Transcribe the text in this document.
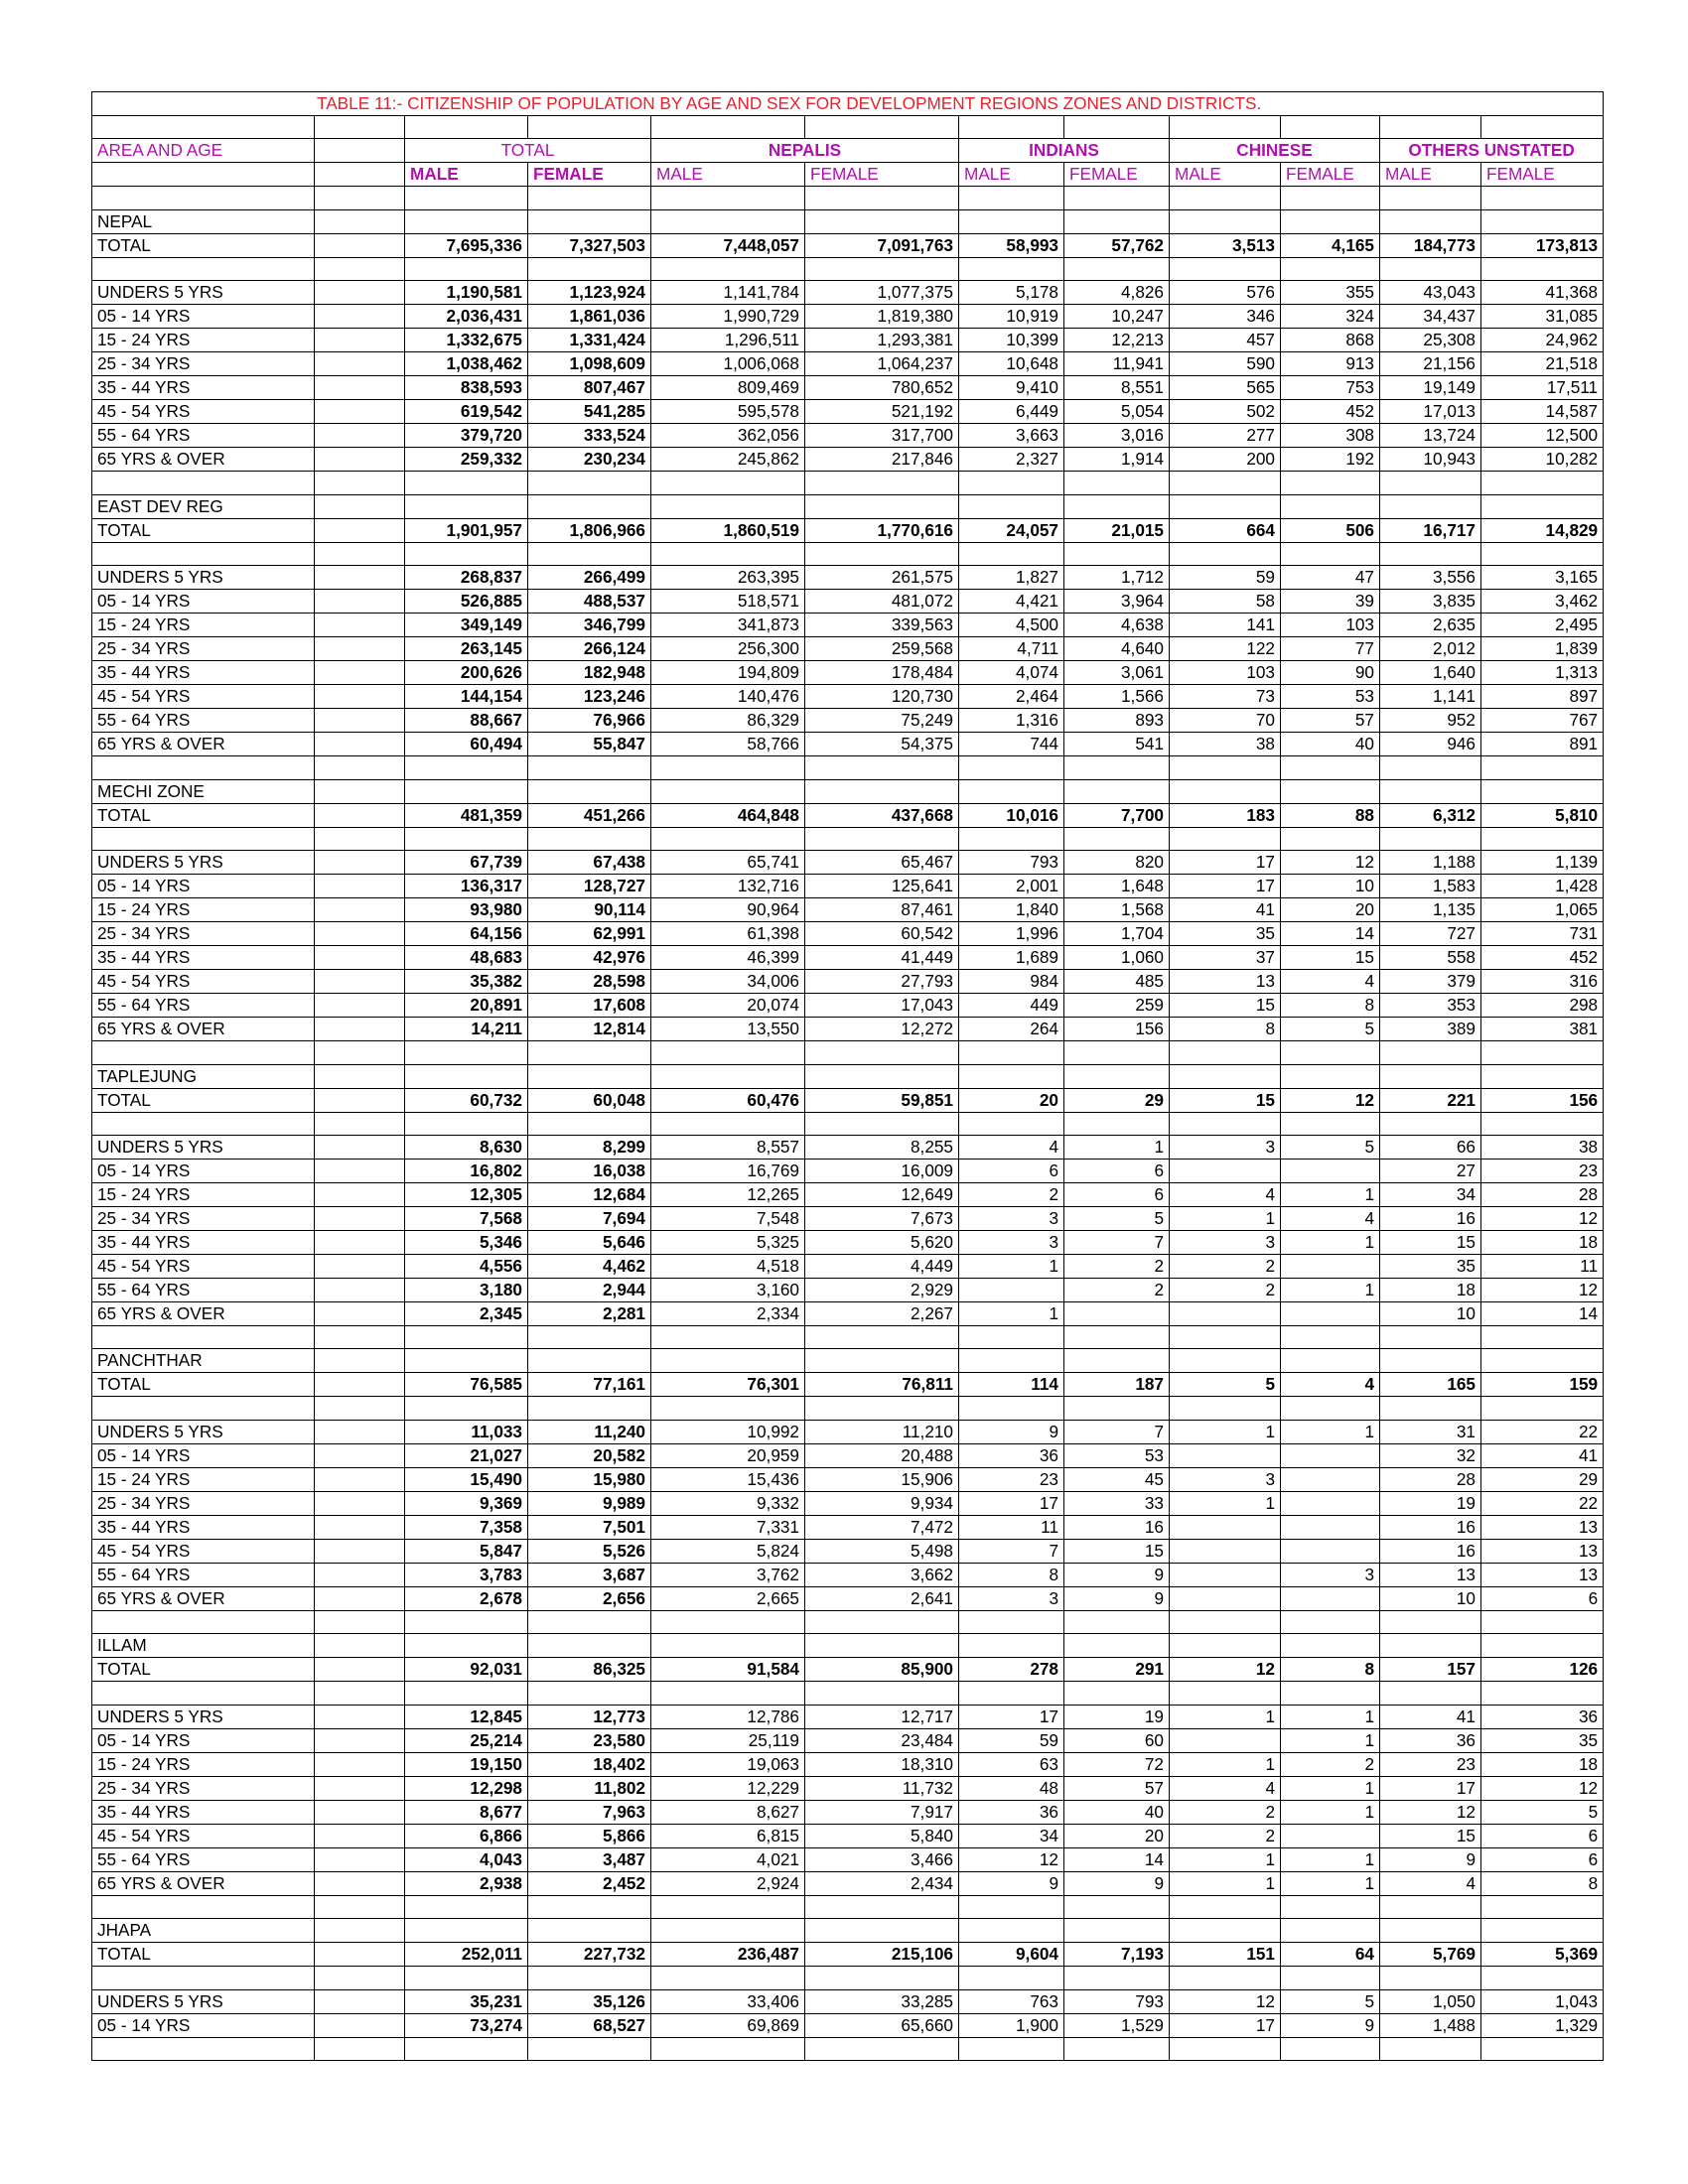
TABLE 11:- CITIZENSHIP OF POPULATION BY AGE AND SEX FOR DEVELOPMENT REGIONS ZONES AND DISTRICTS.											

AREA AND AGE		TOTAL		NEPALIS		INDIANS		CHINESE		OTHERS UNSTATED	
		MALE	FEMALE	MALE	FEMALE	MALE	FEMALE	MALE	FEMALE	MALE	FEMALE

NEPAL											
TOTAL		7,695,336	7,327,503	7,448,057	7,091,763	58,993	57,762	3,513	4,165	184,773	173,813

UNDERS 5 YRS		1,190,581	1,123,924	1,141,784	1,077,375	5,178	4,826	576	355	43,043	41,368
05 - 14 YRS		2,036,431	1,861,036	1,990,729	1,819,380	10,919	10,247	346	324	34,437	31,085
15 - 24 YRS		1,332,675	1,331,424	1,296,511	1,293,381	10,399	12,213	457	868	25,308	24,962
25 - 34 YRS		1,038,462	1,098,609	1,006,068	1,064,237	10,648	11,941	590	913	21,156	21,518
35 - 44 YRS		838,593	807,467	809,469	780,652	9,410	8,551	565	753	19,149	17,511
45 - 54 YRS		619,542	541,285	595,578	521,192	6,449	5,054	502	452	17,013	14,587
55 - 64 YRS		379,720	333,524	362,056	317,700	3,663	3,016	277	308	13,724	12,500
65 YRS & OVER		259,332	230,234	245,862	217,846	2,327	1,914	200	192	10,943	10,282

EAST DEV REG											
TOTAL		1,901,957	1,806,966	1,860,519	1,770,616	24,057	21,015	664	506	16,717	14,829

UNDERS 5 YRS		268,837	266,499	263,395	261,575	1,827	1,712	59	47	3,556	3,165
05 - 14 YRS		526,885	488,537	518,571	481,072	4,421	3,964	58	39	3,835	3,462
15 - 24 YRS		349,149	346,799	341,873	339,563	4,500	4,638	141	103	2,635	2,495
25 - 34 YRS		263,145	266,124	256,300	259,568	4,711	4,640	122	77	2,012	1,839
35 - 44 YRS		200,626	182,948	194,809	178,484	4,074	3,061	103	90	1,640	1,313
45 - 54 YRS		144,154	123,246	140,476	120,730	2,464	1,566	73	53	1,141	897
55 - 64 YRS		88,667	76,966	86,329	75,249	1,316	893	70	57	952	767
65 YRS & OVER		60,494	55,847	58,766	54,375	744	541	38	40	946	891

MECHI ZONE											
TOTAL		481,359	451,266	464,848	437,668	10,016	7,700	183	88	6,312	5,810

UNDERS 5 YRS		67,739	67,438	65,741	65,467	793	820	17	12	1,188	1,139
05 - 14 YRS		136,317	128,727	132,716	125,641	2,001	1,648	17	10	1,583	1,428
15 - 24 YRS		93,980	90,114	90,964	87,461	1,840	1,568	41	20	1,135	1,065
25 - 34 YRS		64,156	62,991	61,398	60,542	1,996	1,704	35	14	727	731
35 - 44 YRS		48,683	42,976	46,399	41,449	1,689	1,060	37	15	558	452
45 - 54 YRS		35,382	28,598	34,006	27,793	984	485	13	4	379	316
55 - 64 YRS		20,891	17,608	20,074	17,043	449	259	15	8	353	298
65 YRS & OVER		14,211	12,814	13,550	12,272	264	156	8	5	389	381

TAPLEJUNG											
TOTAL		60,732	60,048	60,476	59,851	20	29	15	12	221	156

UNDERS 5 YRS		8,630	8,299	8,557	8,255	4	1	3	5	66	38
05 - 14 YRS		16,802	16,038	16,769	16,009	6	6			27	23
15 - 24 YRS		12,305	12,684	12,265	12,649	2	6	4	1	34	28
25 - 34 YRS		7,568	7,694	7,548	7,673	3	5	1	4	16	12
35 - 44 YRS		5,346	5,646	5,325	5,620	3	7	3	1	15	18
45 - 54 YRS		4,556	4,462	4,518	4,449	1	2	2		35	11
55 - 64 YRS		3,180	2,944	3,160	2,929		2	2	1	18	12
65 YRS & OVER		2,345	2,281	2,334	2,267	1				10	14

PANCHTHAR											
TOTAL		76,585	77,161	76,301	76,811	114	187	5	4	165	159

UNDERS 5 YRS		11,033	11,240	10,992	11,210	9	7	1	1	31	22
05 - 14 YRS		21,027	20,582	20,959	20,488	36	53			32	41
15 - 24 YRS		15,490	15,980	15,436	15,906	23	45	3		28	29
25 - 34 YRS		9,369	9,989	9,332	9,934	17	33	1		19	22
35 - 44 YRS		7,358	7,501	7,331	7,472	11	16			16	13
45 - 54 YRS		5,847	5,526	5,824	5,498	7	15			16	13
55 - 64 YRS		3,783	3,687	3,762	3,662	8	9		3	13	13
65 YRS & OVER		2,678	2,656	2,665	2,641	3	9			10	6

ILLAM											
TOTAL		92,031	86,325	91,584	85,900	278	291	12	8	157	126

UNDERS 5 YRS		12,845	12,773	12,786	12,717	17	19	1	1	41	36
05 - 14 YRS		25,214	23,580	25,119	23,484	59	60		1	36	35
15 - 24 YRS		19,150	18,402	19,063	18,310	63	72	1	2	23	18
25 - 34 YRS		12,298	11,802	12,229	11,732	48	57	4	1	17	12
35 - 44 YRS		8,677	7,963	8,627	7,917	36	40	2	1	12	5
45 - 54 YRS		6,866	5,866	6,815	5,840	34	20	2		15	6
55 - 64 YRS		4,043	3,487	4,021	3,466	12	14	1	1	9	6
65 YRS & OVER		2,938	2,452	2,924	2,434	9	9	1	1	4	8

JHAPA											
TOTAL		252,011	227,732	236,487	215,106	9,604	7,193	151	64	5,769	5,369

UNDERS 5 YRS		35,231	35,126	33,406	33,285	763	793	12	5	1,050	1,043
05 - 14 YRS		73,274	68,527	69,869	65,660	1,900	1,529	17	9	1,488	1,329
